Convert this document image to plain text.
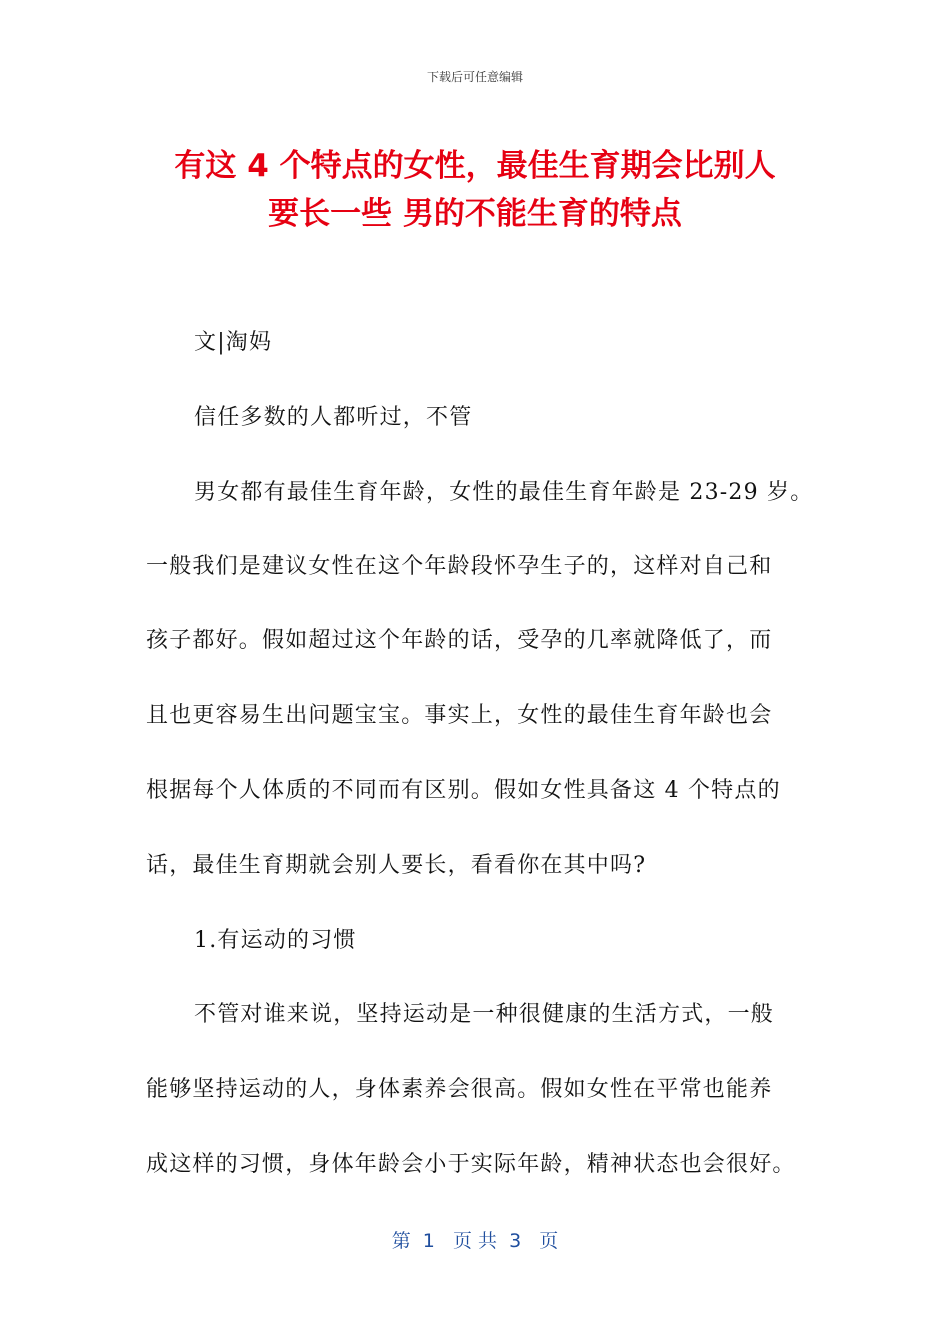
下载后可任意编辑
有这 4 个特点的女性，最佳生育期会比别人
要长一些 男的不能生育的特点
文|淘妈
信任多数的人都听过，不管
男女都有最佳生育年龄，女性的最佳生育年龄是 23-29 岁。
一般我们是建议女性在这个年龄段怀孕生子的，这样对自己和
孩子都好。假如超过这个年龄的话，受孕的几率就降低了，而
且也更容易生出问题宝宝。事实上，女性的最佳生育年龄也会
根据每个人体质的不同而有区别。假如女性具备这 4 个特点的
话，最佳生育期就会别人要长，看看你在其中吗?
1.有运动的习惯
不管对谁来说，坚持运动是一种很健康的生活方式，一般
能够坚持运动的人，身体素养会很高。假如女性在平常也能养
成这样的习惯，身体年龄会小于实际年龄，精神状态也会很好。
第  1   页 共  3   页
